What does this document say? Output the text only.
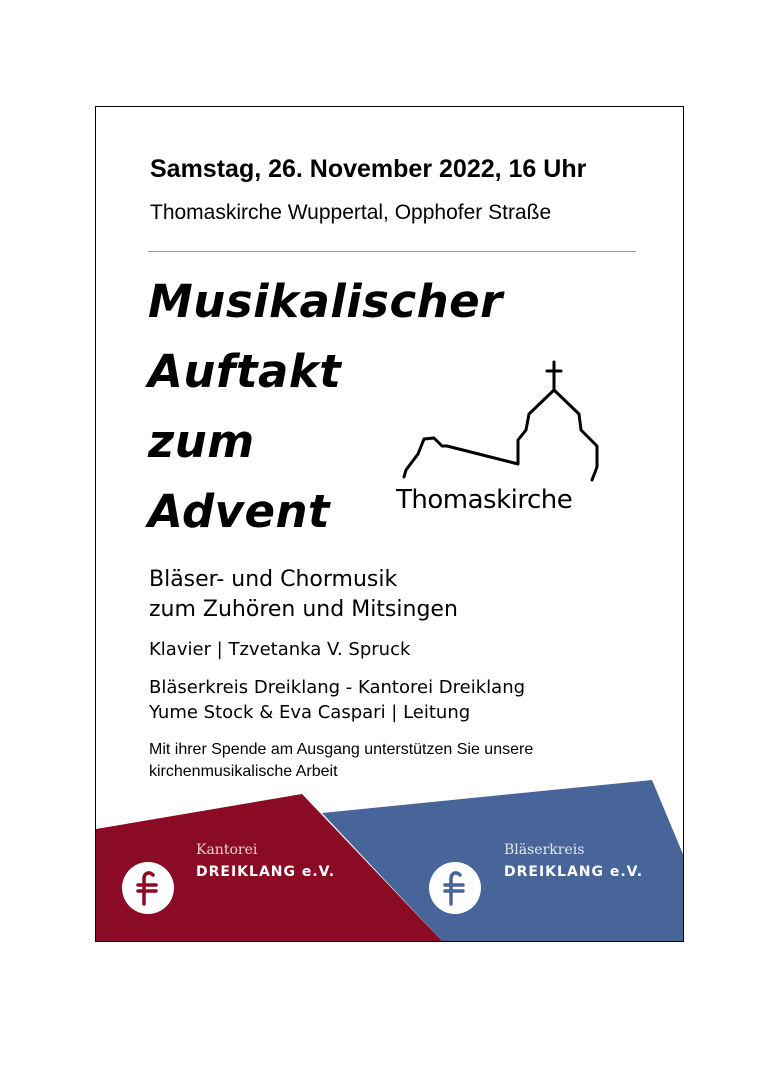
Samstag, 26. November 2022, 16 Uhr
Thomaskirche Wuppertal, Opphofer Straße
Musikalischer
Auftakt
zum
Advent	Thomaskirche
Bläser- und Chormusik
zum Zuhören und Mitsingen
Klavier | Tzvetanka V. Spruck
Bläserkreis Dreiklang - Kantorei Dreiklang
Yume Stock & Eva Caspari | Leitung
Mit ihrer Spende am Ausgang unterstützen Sie unsere
kirchenmusikalische Arbeit
Kantorei
DREIKLANG e.V.
Bläserkreis
DREIKLANG e.V.
